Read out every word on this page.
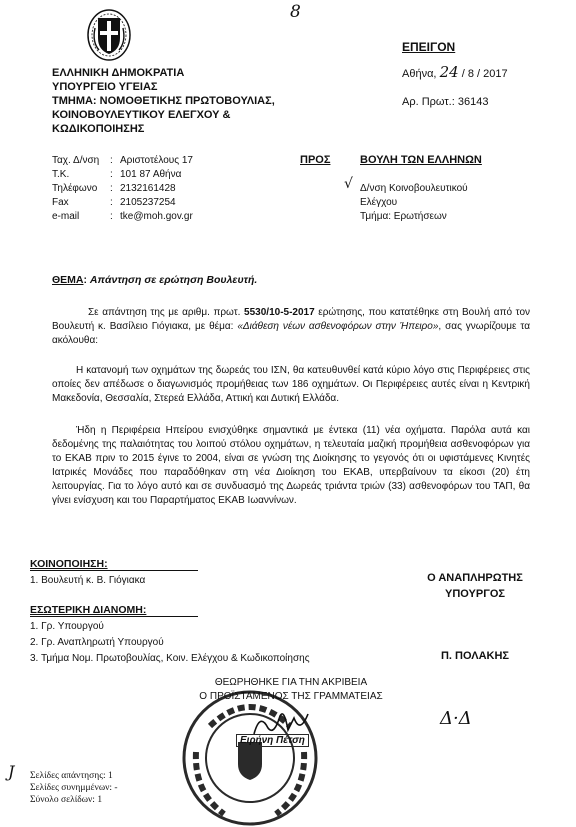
8
ΕΛΛΗΝΙΚΗ ΔΗΜΟΚΡΑΤΙΑ
ΥΠΟΥΡΓΕΙΟ ΥΓΕΙΑΣ
ΤΜΗΜΑ: ΝΟΜΟΘΕΤΙΚΗΣ ΠΡΩΤΟΒΟΥΛΙΑΣ,
ΚΟΙΝΟΒΟΥΛΕΥΤΙΚΟΥ ΕΛΕΓΧΟΥ &
ΚΩΔΙΚΟΠΟΙΗΣΗΣ
ΕΠΕΙΓΟΝ
Αθήνα, 24 / 8 / 2017
Αρ. Πρωτ.: 36143
Ταχ. Δ/νση	: Αριστοτέλους 17
Τ.Κ.	: 101 87 Αθήνα
Τηλέφωνο	: 2132161428
Fax	: 2105237254
e-mail	: tke@moh.gov.gr
ΠΡΟΣ	ΒΟΥΛΗ ΤΩΝ ΕΛΛΗΝΩΝ
√ Δ/νση Κοινοβουλευτικού
Ελέγχου
Τμήμα: Ερωτήσεων
ΘΕΜΑ: Απάντηση σε ερώτηση Βουλευτή.
Σε απάντηση της με αριθμ. πρωτ. 5530/10-5-2017 ερώτησης, που κατατέθηκε στη Βουλή από τον Βουλευτή κ. Βασίλειο Γιόγιακα, με θέμα: «Διάθεση νέων ασθενοφόρων στην Ήπειρο», σας γνωρίζουμε τα ακόλουθα:
Η κατανομή των οχημάτων της δωρεάς του ΙΣΝ, θα κατευθυνθεί κατά κύριο λόγο στις Περιφέρειες στις οποίες δεν απέδωσε ο διαγωνισμός προμήθειας των 186 οχημάτων. Οι Περιφέρειες αυτές είναι η Κεντρική Μακεδονία, Θεσσαλία, Στερεά Ελλάδα, Αττική και Δυτική Ελλάδα.
Ήδη η Περιφέρεια Ηπείρου ενισχύθηκε σημαντικά με έντεκα (11) νέα οχήματα. Παρόλα αυτά και δεδομένης της παλαιότητας του λοιπού στόλου οχημάτων, η τελευταία μαζική προμήθεια ασθενοφόρων για το ΕΚΑΒ πριν το 2015 έγινε το 2004, είναι σε γνώση της Διοίκησης το γεγονός ότι οι υφιστάμενες Κινητές Ιατρικές Μονάδες που παραδόθηκαν στη νέα Διοίκηση του ΕΚΑΒ, υπερβαίνουν τα είκοσι (20) έτη λειτουργίας. Για το λόγο αυτό και σε συνδυασμό της Δωρεάς τριάντα τριών (33) ασθενοφόρων του ΤΑΠ, θα γίνει ενίσχυση και του Παραρτήματος ΕΚΑΒ Ιωαννίνων.
ΚΟΙΝΟΠΟΙΗΣΗ:
1. Βουλευτή κ. Β. Γιόγιακα
ΕΣΩΤΕΡΙΚΗ ΔΙΑΝΟΜΗ:
1. Γρ. Υπουργού
2. Γρ. Αναπληρωτή Υπουργού
3. Τμήμα Νομ. Πρωτοβουλίας, Κοιν. Ελέγχου & Κωδικοποίησης
Ο ΑΝΑΠΛΗΡΩΤΗΣ
ΥΠΟΥΡΓΟΣ
Π. ΠΟΛΑΚΗΣ
ΘΕΩΡΗΘΗΚΕ ΓΙΑ ΤΗΝ ΑΚΡΙΒΕΙΑ
Ο ΠΡΟΪΣΤΑΜΕΝΟΣ ΤΗΣ ΓΡΑΜΜΑΤΕΙΑΣ
Δ·Δ
Ειρήνη Πέτση
J Σελίδες απάντησης: 1
Σελίδες συνημμένων: -
Σύνολο σελίδων: 1
